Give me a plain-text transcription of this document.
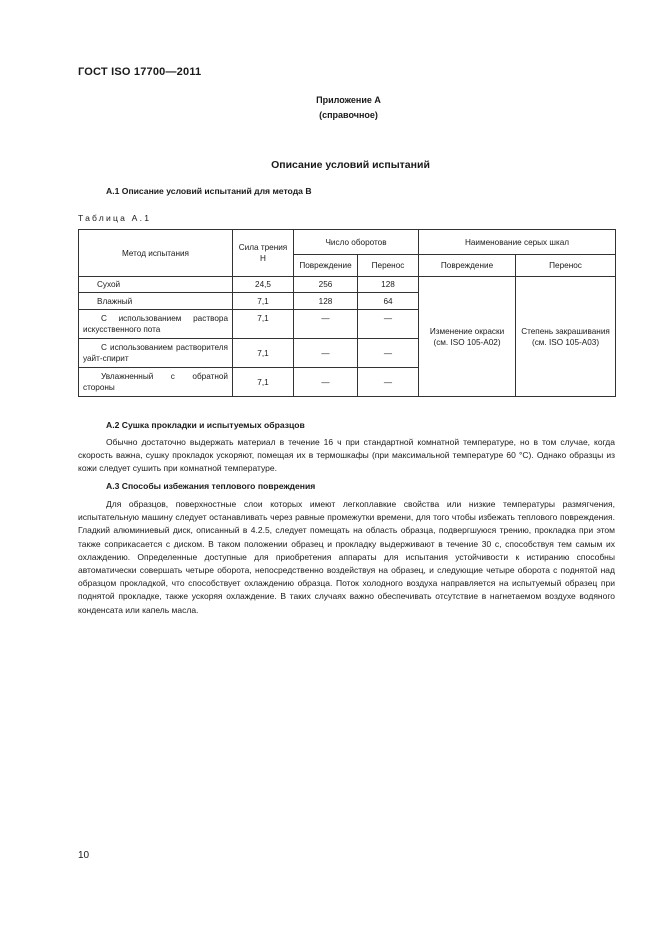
ГОСТ ISO 17700—2011
Приложение А
(справочное)
Описание условий испытаний
А.1 Описание условий испытаний для метода В
Таблица А.1
Метод испытания	Сила трения Н	Число оборотов		Наименование серых шкал	
		Повреждение	Перенос	Повреждение	Перенос
Сухой	24,5	256	128	Изменение окраски (см. ISO 105-A02)	Степень закрашивания (см. ISO 105-A03)
Влажный	7,1	128	64		
С использованием раствора искусственного пота	7,1	—	—		
С использованием растворителя уайт-спирит	7,1	—	—		
Увлажненный с обратной стороны	7,1	—	—		
А.2 Сушка прокладки и испытуемых образцов

Обычно достаточно выдержать материал в течение 16 ч при стандартной комнатной температуре, но в том случае, когда скорость важна, сушку прокладок ускоряют, помещая их в термошкафы (при максимальной температуре 60 °С). Однако образцы из кожи следует сушить при комнатной температуре.

А.3 Способы избежания теплового повреждения

Для образцов, поверхностные слои которых имеют легкоплавкие свойства или низкие температуры размягчения, испытательную машину следует останавливать через равные промежутки времени, для того чтобы избежать теплового повреждения. Гладкий алюминиевый диск, описанный в 4.2.5, следует помещать на область образца, подвергшуюся трению, прокладка при этом также соприкасается с диском. В таком положении образец и прокладку выдерживают в течение 30 с, способствуя тем самым их охлаждению. Определенные доступные для приобретения аппараты для испытания устойчивости к истиранию способны автоматически совершать четыре оборота, непосредственно воздействуя на образец, и следующие четыре оборота с поднятой над образцом прокладкой, что способствует охлаждению образца. Поток холодного воздуха направляется на испытуемый образец при поднятой прокладке, также ускоряя охлаждение. В таких случаях важно обеспечивать отсутствие в нагнетаемом воздухе водяного конденсата или капель масла.

10
